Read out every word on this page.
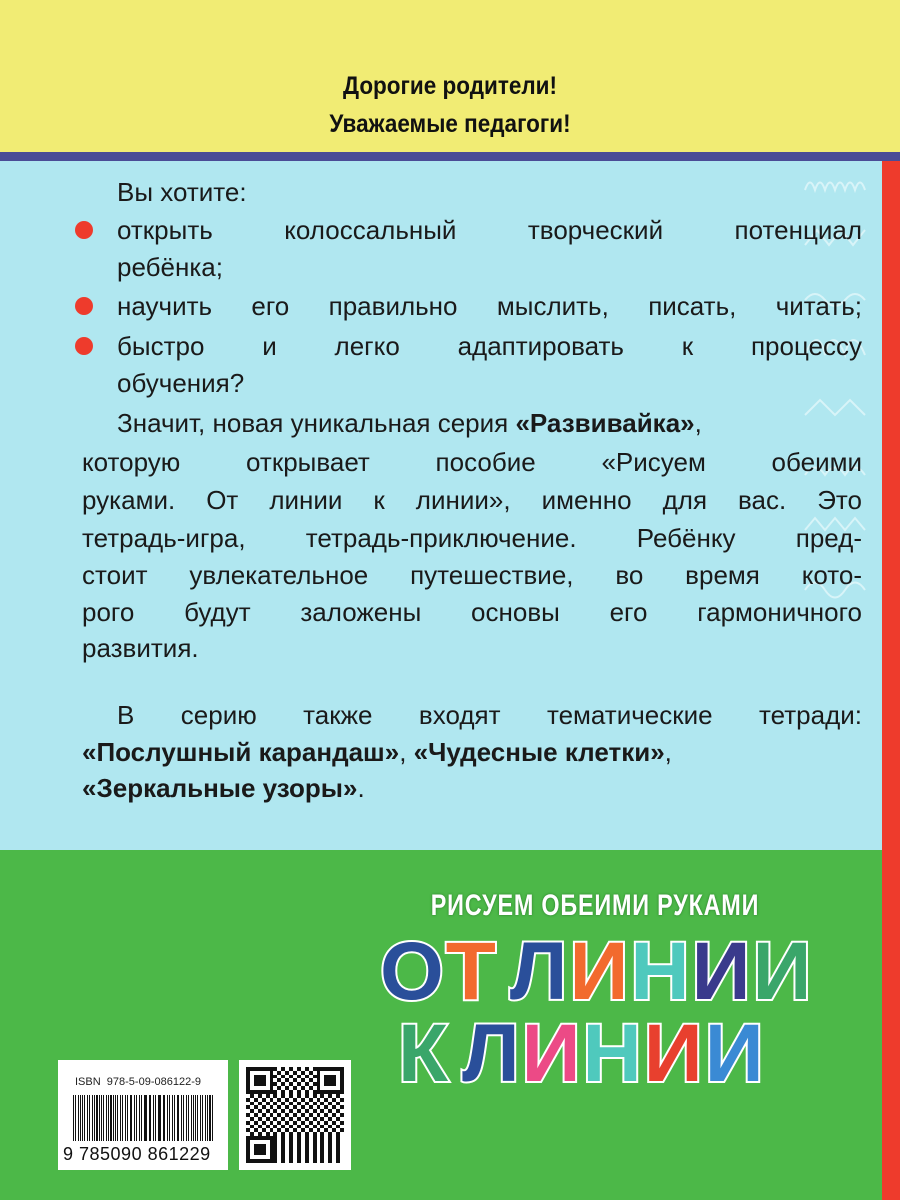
Дорогие родители!
Уважаемые педагоги!
Вы хотите:
открыть колоссальный творческий потенциал
ребёнка;
научить его правильно мыслить, писать, читать;
быстро и легко адаптировать к процессу
обучения?
Значит, новая уникальная серия «Развивайка»,
которую открывает пособие «Рисуем обеими
руками. От линии к линии», именно для вас. Это
тетрадь-игра, тетрадь-приключение. Ребёнку пред-
стоит увлекательное путешествие, во время кото-
рого будут заложены основы его гармоничного
развития.
В серию также входят тематические тетради:
«Послушный карандаш», «Чудесные клетки»,
«Зеркальные узоры».
РИСУЕМ ОБЕИМИ РУКАМИ
О Т
Л И Н И И
К
Л И Н И И
ISBN  978-5-09-086122-9
9 785090 861229
